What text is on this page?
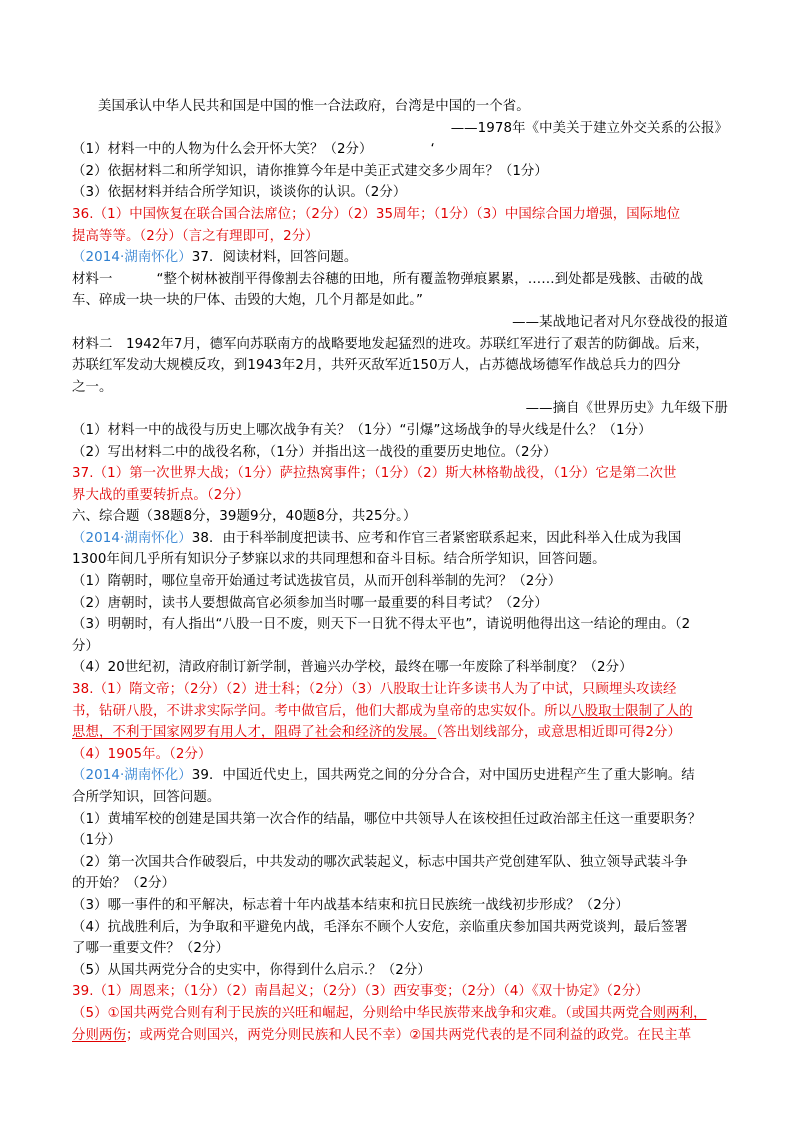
美国承认中华人民共和国是中国的惟一合法政府，台湾是中国的一个省。
——1978年《中美关于建立外交关系的公报》
（1）材料一中的人物为什么会开怀大笑？（2分）	‘
（2）依据材料二和所学知识，请你推算今年是中美正式建交多少周年？（1分）
（3）依据材料并结合所学知识，谈谈你的认识。（2分）
36.（1）中国恢复在联合国合法席位；（2分）（2）35周年；（1分）（3）中国综合国力增强，国际地位
提高等等。（2分）（言之有理即可，2分）
（2014·湖南怀化）37．阅读材料，回答问题。
材料一	“整个树林被削平得像割去谷穗的田地，所有覆盖物弹痕累累，……到处都是残骸、击破的战
车、碎成一块一块的尸体、击毁的大炮，几个月都是如此。”
——某战地记者对凡尔登战役的报道
材料二　1942年7月，德军向苏联南方的战略要地发起猛烈的进攻。苏联红军进行了艰苦的防御战。后来，
苏联红军发动大规模反攻，到1943年2月，共歼灭敌军近150万人，占苏德战场德军作战总兵力的四分
之一。
——摘自《世界历史》九年级下册
（1）材料一中的战役与历史上哪次战争有关？（1分）“引爆”这场战争的导火线是什么？（1分）
（2）写出材料二中的战役名称，（1分）并指出这一战役的重要历史地位。（2分）
37.（1）第一次世界大战；（1分）萨拉热窝事件；（1分）（2）斯大林格勒战役，（1分）它是第二次世
界大战的重要转折点。（2分）
六、综合题（38题8分，39题9分，40题8分，共25分。）
（2014·湖南怀化）38．由于科举制度把读书、应考和作官三者紧密联系起来，因此科举入仕成为我国
1300年间几乎所有知识分子梦寐以求的共同理想和奋斗目标。结合所学知识，回答问题。
（1）隋朝时，哪位皇帝开始通过考试选拔官员，从而开创科举制的先河？（2分）
（2）唐朝时，读书人要想做高官必须参加当时哪一最重要的科目考试？（2分）
（3）明朝时，有人指出“八股一日不废，则天下一日犹不得太平也”，请说明他得出这一结论的理由。（2
分）
（4）20世纪初，清政府制订新学制，普遍兴办学校，最终在哪一年废除了科举制度？（2分）
38.（1）隋文帝；（2分）（2）进士科；（2分）（3）八股取士让许多读书人为了中试，只顾埋头攻读经
书，钻研八股，不讲求实际学问。考中做官后，他们大都成为皇帝的忠实奴仆。所以八股取士限制了人的
思想，不利于国家网罗有用人才，阻碍了社会和经济的发展。（答出划线部分，或意思相近即可得2分）
（4）1905年。（2分）
（2014·湖南怀化）39．中国近代史上，国共两党之间的分分合合，对中国历史进程产生了重大影响。结
合所学知识，回答问题。
（1）黄埔军校的创建是国共第一次合作的结晶，哪位中共领导人在该校担任过政治部主任这一重要职务？
（1分）
（2）第一次国共合作破裂后，中共发动的哪次武装起义，标志中国共产党创建军队、独立领导武装斗争
的开始？（2分）
（3）哪一事件的和平解决，标志着十年内战基本结束和抗日民族统一战线初步形成？（2分）
（4）抗战胜利后，为争取和平避免内战，毛泽东不顾个人安危，亲临重庆参加国共两党谈判，最后签署
了哪一重要文件？（2分）
（5）从国共两党分合的史实中，你得到什么启示.？（2分）
39.（1）周恩来；（1分）（2）南昌起义；（2分）（3）西安事变；（2分）（4）《双十协定》（2分）
（5）①国共两党合则有利于民族的兴旺和崛起，分则给中华民族带来战争和灾难。（或国共两党合则两利，
分则两伤；或两党合则国兴，两党分则民族和人民不幸）②国共两党代表的是不同利益的政党。在民主革
